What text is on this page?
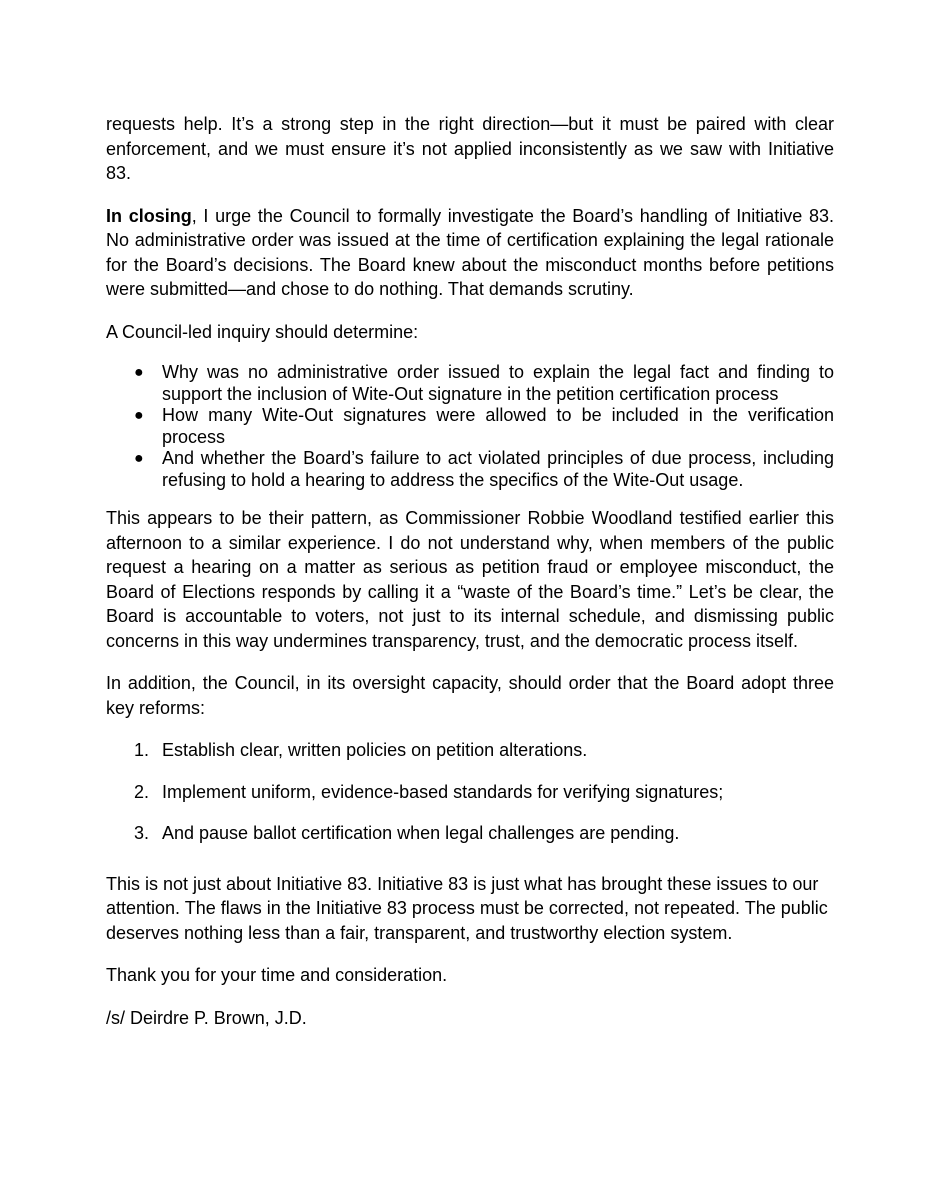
requests help. It’s a strong step in the right direction—but it must be paired with clear enforcement, and we must ensure it’s not applied inconsistently as we saw with Initiative 83.

In closing, I urge the Council to formally investigate the Board’s handling of Initiative 83. No administrative order was issued at the time of certification explaining the legal rationale for the Board’s decisions. The Board knew about the misconduct months before petitions were submitted—and chose to do nothing. That demands scrutiny.

A Council-led inquiry should determine:

● Why was no administrative order issued to explain the legal fact and finding to support the inclusion of Wite-Out signature in the petition certification process
● How many Wite-Out signatures were allowed to be included in the verification process
● And whether the Board’s failure to act violated principles of due process, including refusing to hold a hearing to address the specifics of the Wite-Out usage.

This appears to be their pattern, as Commissioner Robbie Woodland testified earlier this afternoon to a similar experience. I do not understand why, when members of the public request a hearing on a matter as serious as petition fraud or employee misconduct, the Board of Elections responds by calling it a “waste of the Board’s time.” Let’s be clear, the Board is accountable to voters, not just to its internal schedule, and dismissing public concerns in this way undermines transparency, trust, and the democratic process itself.

In addition, the Council, in its oversight capacity, should order that the Board adopt three key reforms:

1. Establish clear, written policies on petition alterations.
2. Implement uniform, evidence-based standards for verifying signatures;
3. And pause ballot certification when legal challenges are pending.

This is not just about Initiative 83. Initiative 83 is just what has brought these issues to our attention. The flaws in the Initiative 83 process must be corrected, not repeated. The public deserves nothing less than a fair, transparent, and trustworthy election system.

Thank you for your time and consideration.

/s/ Deirdre P. Brown, J.D.
